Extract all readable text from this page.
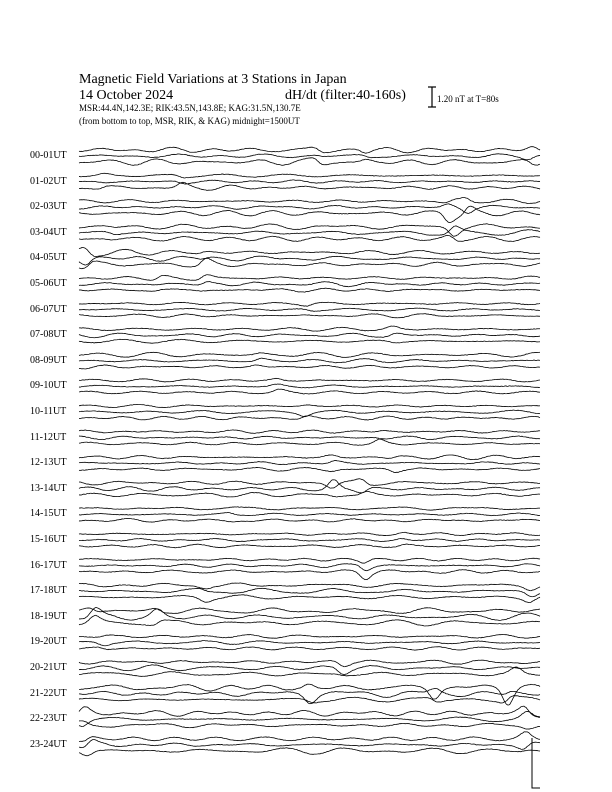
Magnetic Field Variations at 3 Stations in Japan
14 October 2024	dH/dt (filter:40-160s)
MSR:44.4N,142.3E; RIK:43.5N,143.8E; KAG:31.5N,130.7E
(from bottom to top, MSR, RIK, & KAG) midnight=1500UT
1.20 nT at T=80s
00-01UT
01-02UT
02-03UT
03-04UT
04-05UT
05-06UT
06-07UT
07-08UT
08-09UT
09-10UT
10-11UT
11-12UT
12-13UT
13-14UT
14-15UT
15-16UT
16-17UT
17-18UT
18-19UT
19-20UT
20-21UT
21-22UT
22-23UT
23-24UT
